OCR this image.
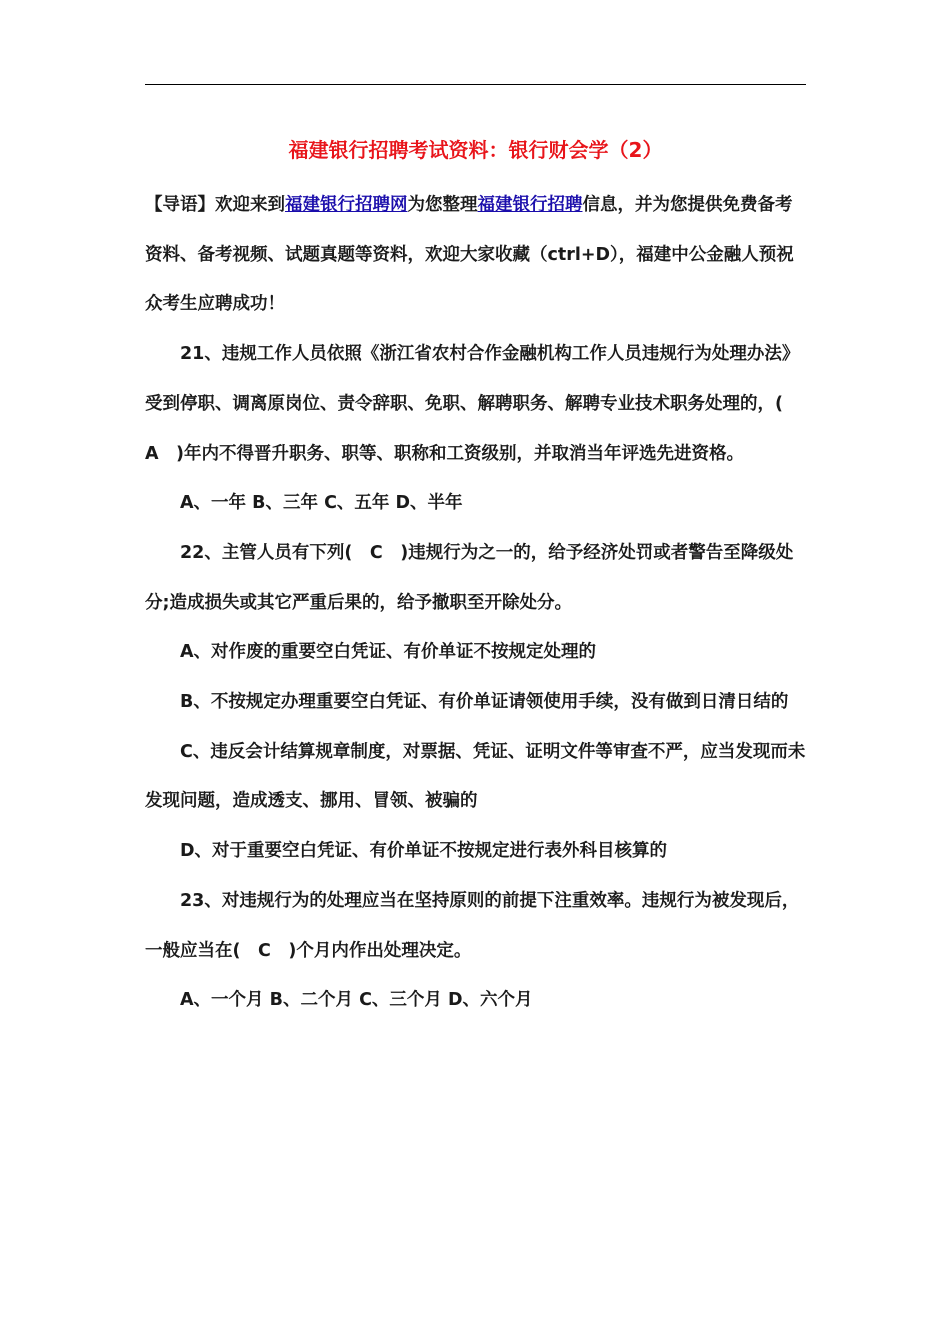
福建银行招聘考试资料：银行财会学（2）

【导语】欢迎来到福建银行招聘网为您整理福建银行招聘信息，并为您提供免费备考资料、备考视频、试题真题等资料，欢迎大家收藏（ctrl+D），福建中公金融人预祝众考生应聘成功！

21、违规工作人员依照《浙江省农村合作金融机构工作人员违规行为处理办法》受到停职、调离原岗位、责令辞职、免职、解聘职务、解聘专业技术职务处理的，(　A　)年内不得晋升职务、职等、职称和工资级别，并取消当年评选先进资格。

A、一年 B、三年 C、五年 D、半年

22、主管人员有下列(　C　)违规行为之一的，给予经济处罚或者警告至降级处分;造成损失或其它严重后果的，给予撤职至开除处分。

A、对作废的重要空白凭证、有价单证不按规定处理的

B、不按规定办理重要空白凭证、有价单证请领使用手续，没有做到日清日结的

C、违反会计结算规章制度，对票据、凭证、证明文件等审查不严，应当发现而未发现问题，造成透支、挪用、冒领、被骗的

D、对于重要空白凭证、有价单证不按规定进行表外科目核算的

23、对违规行为的处理应当在坚持原则的前提下注重效率。违规行为被发现后，一般应当在(　C　)个月内作出处理决定。

A、一个月 B、二个月 C、三个月 D、六个月
